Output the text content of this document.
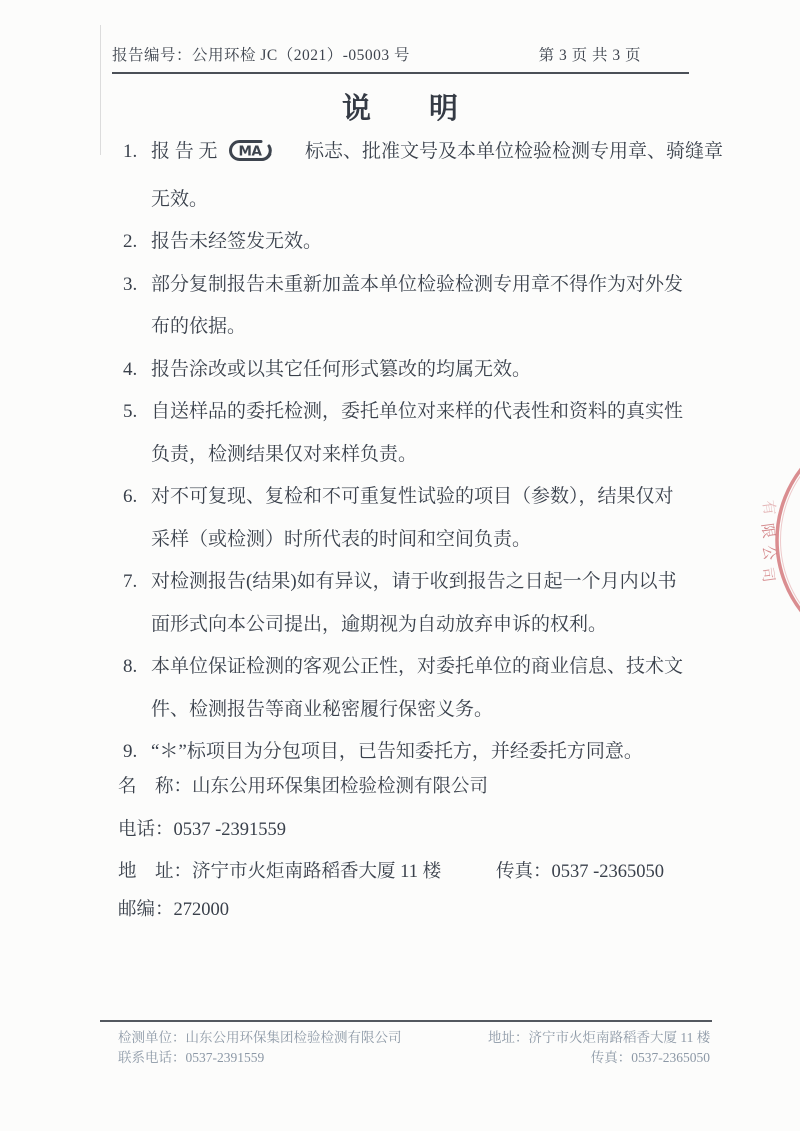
报告编号：公用环检 JC（2021）-05003 号	第 3 页 共 3 页
说　　明
1. 报 告 无 MA 标志、批准文号及本单位检验检测专用章、骑缝章
无效。
2. 报告未经签发无效。
3. 部分复制报告未重新加盖本单位检验检测专用章不得作为对外发
布的依据。
4. 报告涂改或以其它任何形式篡改的均属无效。
5. 自送样品的委托检测，委托单位对来样的代表性和资料的真实性
负责，检测结果仅对来样负责。
6. 对不可复现、复检和不可重复性试验的项目（参数），结果仅对
采样（或检测）时所代表的时间和空间负责。
7. 对检测报告(结果)如有异议，请于收到报告之日起一个月内以书
面形式向本公司提出，逾期视为自动放弃申诉的权利。
8. 本单位保证检测的客观公正性，对委托单位的商业信息、技术文
件、检测报告等商业秘密履行保密义务。
9. “＊”标项目为分包项目，已告知委托方，并经委托方同意。
名　称：山东公用环保集团检验检测有限公司
电话：0537 -2391559
地　址：济宁市火炬南路稻香大厦 11 楼	传真：0537 -2365050
邮编：272000
检测单位：山东公用环保集团检验检测有限公司
联系电话：0537-2391559
地址：济宁市火炬南路稻香大厦 11 楼
传真：0537-2365050
有
限
公
司
